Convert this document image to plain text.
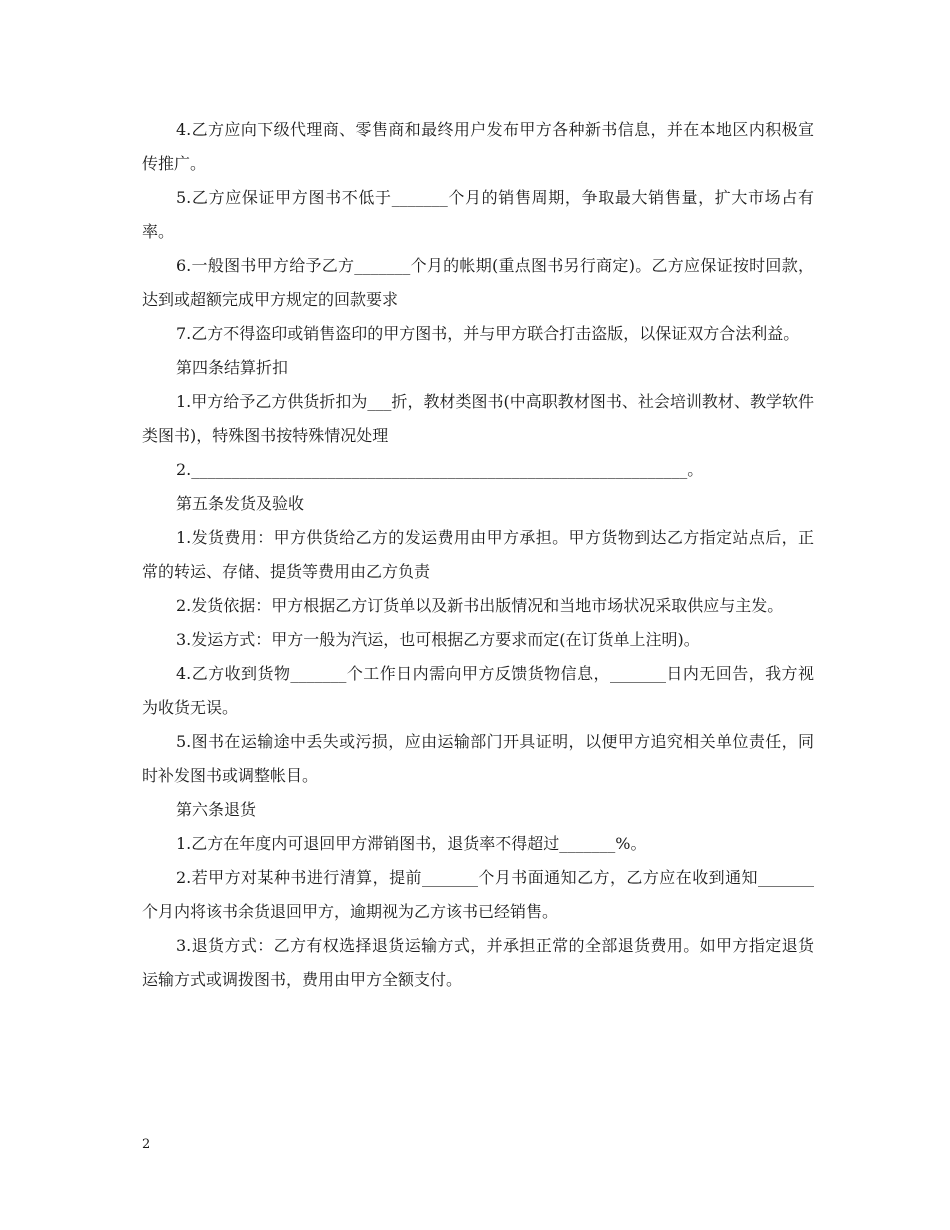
4.乙方应向下级代理商、零售商和最终用户发布甲方各种新书信息，并在本地区内积极宣传推广。

5.乙方应保证甲方图书不低于_______个月的销售周期，争取最大销售量，扩大市场占有率。

6.一般图书甲方给予乙方_______个月的帐期(重点图书另行商定)。乙方应保证按时回款，达到或超额完成甲方规定的回款要求

7.乙方不得盗印或销售盗印的甲方图书，并与甲方联合打击盗版，以保证双方合法利益。

第四条结算折扣

1.甲方给予乙方供货折扣为___折，教材类图书(中高职教材图书、社会培训教材、教学软件类图书)，特殊图书按特殊情况处理

2.______________________________________________________________。

第五条发货及验收

1.发货费用：甲方供货给乙方的发运费用由甲方承担。甲方货物到达乙方指定站点后，正常的转运、存储、提货等费用由乙方负责

2.发货依据：甲方根据乙方订货单以及新书出版情况和当地市场状况采取供应与主发。

3.发运方式：甲方一般为汽运，也可根据乙方要求而定(在订货单上注明)。

4.乙方收到货物_______个工作日内需向甲方反馈货物信息，_______日内无回告，我方视为收货无误。

5.图书在运输途中丢失或污损，应由运输部门开具证明，以便甲方追究相关单位责任，同时补发图书或调整帐目。

第六条退货

1.乙方在年度内可退回甲方滞销图书，退货率不得超过_______%。

2.若甲方对某种书进行清算，提前_______个月书面通知乙方，乙方应在收到通知_______个月内将该书余货退回甲方，逾期视为乙方该书已经销售。

3.退货方式：乙方有权选择退货运输方式，并承担正常的全部退货费用。如甲方指定退货运输方式或调拨图书，费用由甲方全额支付。

2
